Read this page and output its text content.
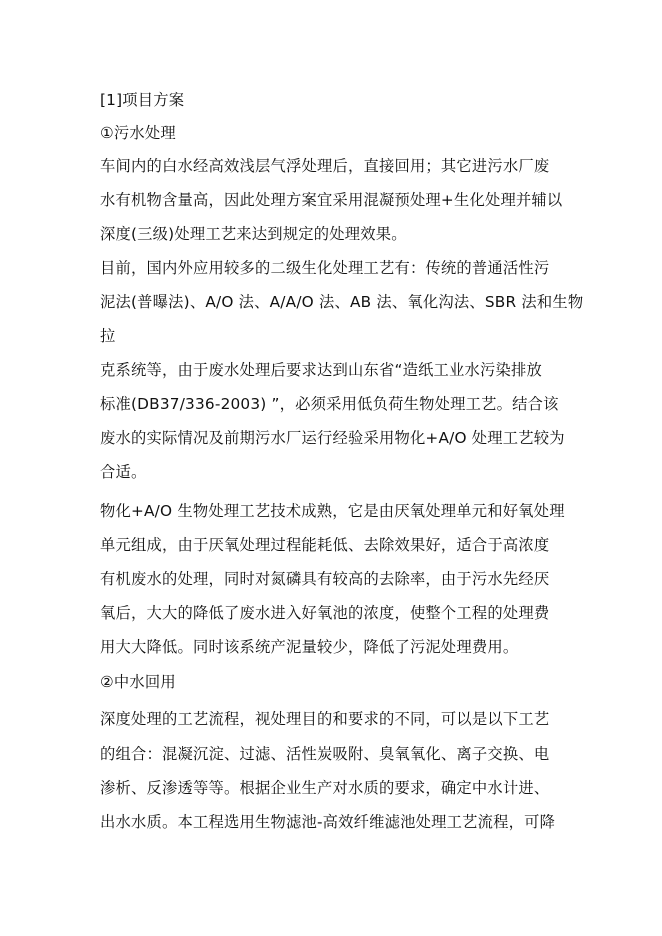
[1]项目方案
①污水处理
车间内的白水经高效浅层气浮处理后，直接回用；其它进污水厂废
水有机物含量高，因此处理方案宜采用混凝预处理+生化处理并辅以
深度(三级)处理工艺来达到规定的处理效果。
目前，国内外应用较多的二级生化处理工艺有：传统的普通活性污
泥法(普曝法)、A/O 法、A/A/O 法、AB 法、氧化沟法、SBR 法和生物
拉
克系统等，由于废水处理后要求达到山东省“造纸工业水污染排放
标准(DB37/336-2003) ”，必须采用低负荷生物处理工艺。结合该
废水的实际情况及前期污水厂运行经验采用物化+A/O 处理工艺较为
合适。
物化+A/O 生物处理工艺技术成熟，它是由厌氧处理单元和好氧处理
单元组成，由于厌氧处理过程能耗低、去除效果好，适合于高浓度
有机废水的处理，同时对氮磷具有较高的去除率，由于污水先经厌
氧后，大大的降低了废水进入好氧池的浓度，使整个工程的处理费
用大大降低。同时该系统产泥量较少，降低了污泥处理费用。
②中水回用
深度处理的工艺流程，视处理目的和要求的不同，可以是以下工艺
的组合：混凝沉淀、过滤、活性炭吸附、臭氧氧化、离子交换、电
渗析、反渗透等等。根据企业生产对水质的要求，确定中水计进、
出水水质。本工程选用生物滤池-高效纤维滤池处理工艺流程，可降
